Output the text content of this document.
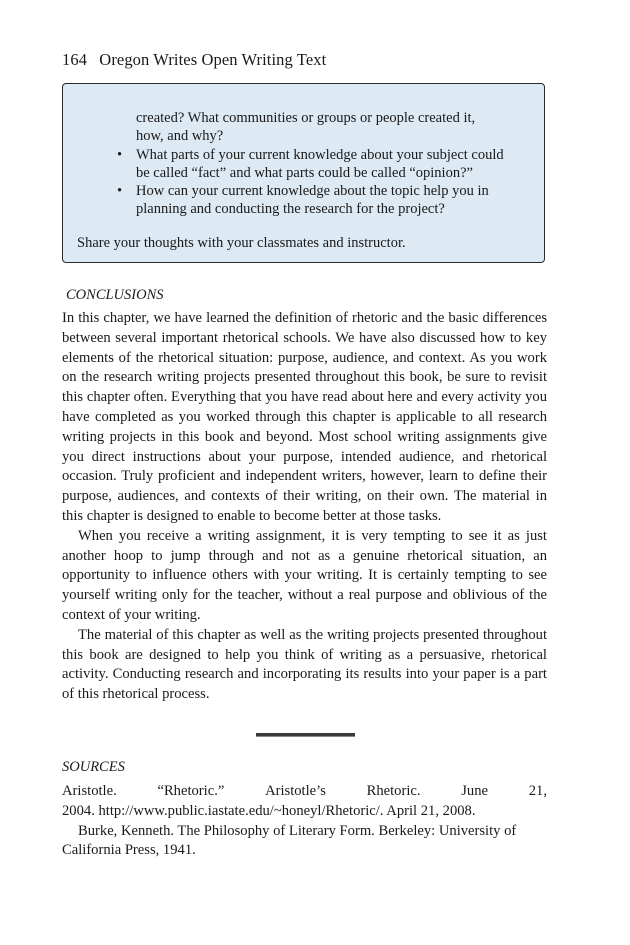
164 Oregon Writes Open Writing Text
created? What communities or groups or people created it,
how, and why?
• What parts of your current knowledge about your subject could
be called “fact” and what parts could be called “opinion?”
• How can your current knowledge about the topic help you in
planning and conducting the research for the project?
Share your thoughts with your classmates and instructor.
CONCLUSIONS

In this chapter, we have learned the definition of rhetoric and the basic differences between several important rhetorical schools. We have also discussed how to key elements of the rhetorical situation: purpose, audience, and context. As you work on the research writing projects presented throughout this book, be sure to revisit this chapter often. Everything that you have read about here and every activity you have completed as you worked through this chapter is applicable to all research writing projects in this book and beyond. Most school writing assignments give you direct instructions about your purpose, intended audience, and rhetorical occasion. Truly proficient and independent writers, however, learn to define their purpose, audiences, and contexts of their writing, on their own. The material in this chapter is designed to enable to become better at those tasks.

When you receive a writing assignment, it is very tempting to see it as just another hoop to jump through and not as a genuine rhetorical situation, an opportunity to influence others with your writing. It is certainly tempting to see yourself writing only for the teacher, without a real purpose and oblivious of the context of your writing.

The material of this chapter as well as the writing projects presented throughout this book are designed to help you think of writing as a persuasive, rhetorical activity. Conducting research and incorporating its results into your paper is a part of this rhetorical process.

SOURCES
Aristotle.	“Rhetoric.”	Aristotle’s	Rhetoric.	June	21,

2004. http://www.public.iastate.edu/~honeyl/Rhetoric/. April 21, 2008.

Burke, Kenneth. The Philosophy of Literary Form. Berkeley: University of California Press, 1941.
